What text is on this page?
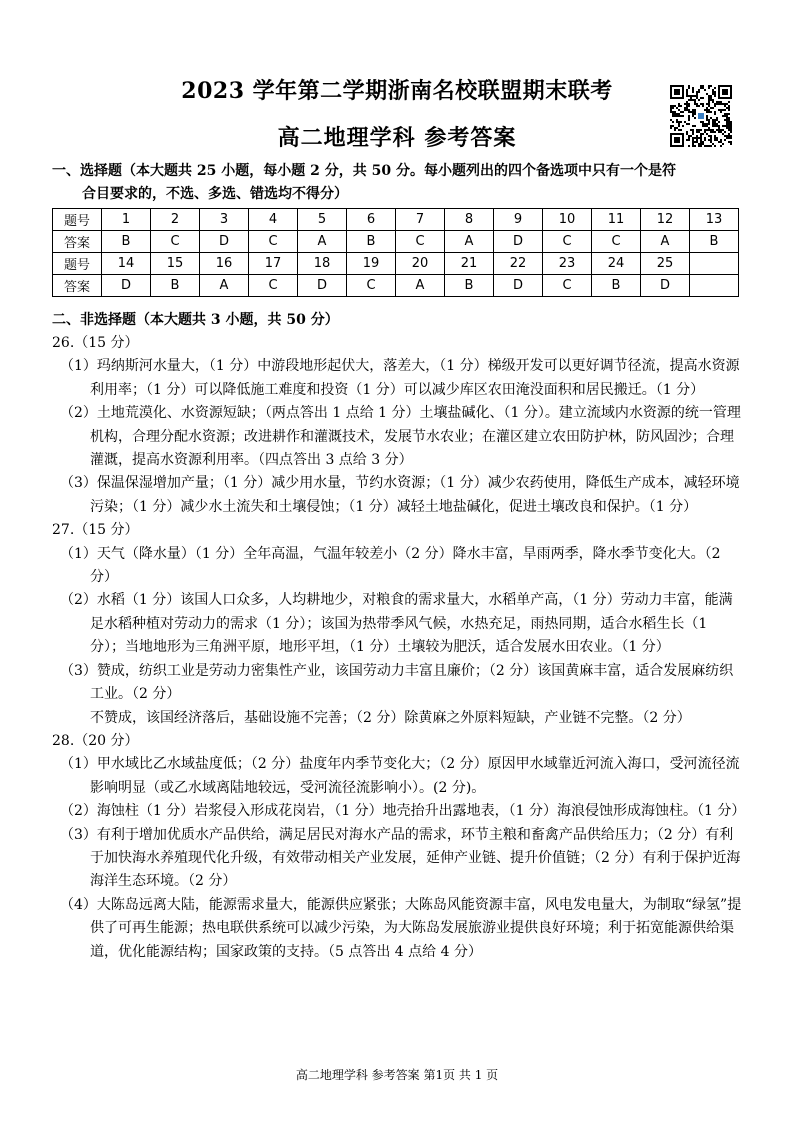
2023 学年第二学期浙南名校联盟期末联考
高二地理学科 参考答案
一、选择题（本大题共 25 小题，每小题 2 分，共 50 分。每小题列出的四个备选项中只有一个是符
合目要求的，不选、多选、错选均不得分）
题号	1	2	3	4	5	6	7	8	9	10	11	12	13
答案	B	C	D	C	A	B	C	A	D	C	C	A	B
题号	14	15	16	17	18	19	20	21	22	23	24	25	
答案	D	B	A	C	D	C	A	B	D	C	B	D	
二、非选择题（本大题共 3 小题，共 50 分）

26.（15 分）

（1）玛纳斯河水量大，（1 分）中游段地形起伏大，落差大，（1 分）梯级开发可以更好调节径流，提高水资源利用率；（1 分）可以降低施工难度和投资（1 分）可以减少库区农田淹没面积和居民搬迁。（1 分）

（2）土地荒漠化、水资源短缺；（两点答出 1 点给 1 分）土壤盐碱化、（1 分）。建立流域内水资源的统一管理机构，合理分配水资源；改进耕作和灌溉技术，发展节水农业；在灌区建立农田防护林，防风固沙；合理灌溉，提高水资源利用率。（四点答出 3 点给 3 分）

（3）保温保湿增加产量；（1 分）减少用水量，节约水资源；（1 分）减少农药使用，降低生产成本，减轻环境污染；（1 分）减少水土流失和土壤侵蚀；（1 分）减轻土地盐碱化，促进土壤改良和保护。（1 分）

27.（15 分）

（1）天气（降水量）（1 分）全年高温，气温年较差小（2 分）降水丰富，旱雨两季，降水季节变化大。（2 分）

（2）水稻（1 分）该国人口众多，人均耕地少，对粮食的需求量大，水稻单产高，（1 分）劳动力丰富，能满足水稻种植对劳动力的需求（1 分）；该国为热带季风气候，水热充足，雨热同期，适合水稻生长（1 分）；当地地形为三角洲平原，地形平坦，（1 分）土壤较为肥沃，适合发展水田农业。（1 分）

（3）赞成，纺织工业是劳动力密集性产业，该国劳动力丰富且廉价；（2 分）该国黄麻丰富，适合发展麻纺织工业。（2 分）

不赞成，该国经济落后，基础设施不完善；（2 分）除黄麻之外原料短缺，产业链不完整。（2 分）

28.（20 分）

（1）甲水域比乙水域盐度低；（2 分）盐度年内季节变化大；（2 分）原因甲水域靠近河流入海口，受河流径流影响明显（或乙水域离陆地较远，受河流径流影响小）。(2 分)。

（2）海蚀柱（1 分）岩浆侵入形成花岗岩，（1 分）地壳抬升出露地表，（1 分）海浪侵蚀形成海蚀柱。（1 分）

（3）有利于增加优质水产品供给，满足居民对海水产品的需求，环节主粮和畜禽产品供给压力；（2 分）有利于加快海水养殖现代化升级，有效带动相关产业发展，延伸产业链、提升价值链；（2 分）有利于保护近海海洋生态环境。（2 分）

（4）大陈岛远离大陆，能源需求量大，能源供应紧张；大陈岛风能资源丰富，风电发电量大，为制取“绿氢”提供了可再生能源；热电联供系统可以减少污染，为大陈岛发展旅游业提供良好环境；利于拓宽能源供给渠道，优化能源结构；国家政策的支持。（5 点答出 4 点给 4 分）

高二地理学科 参考答案 第1页 共 1 页
